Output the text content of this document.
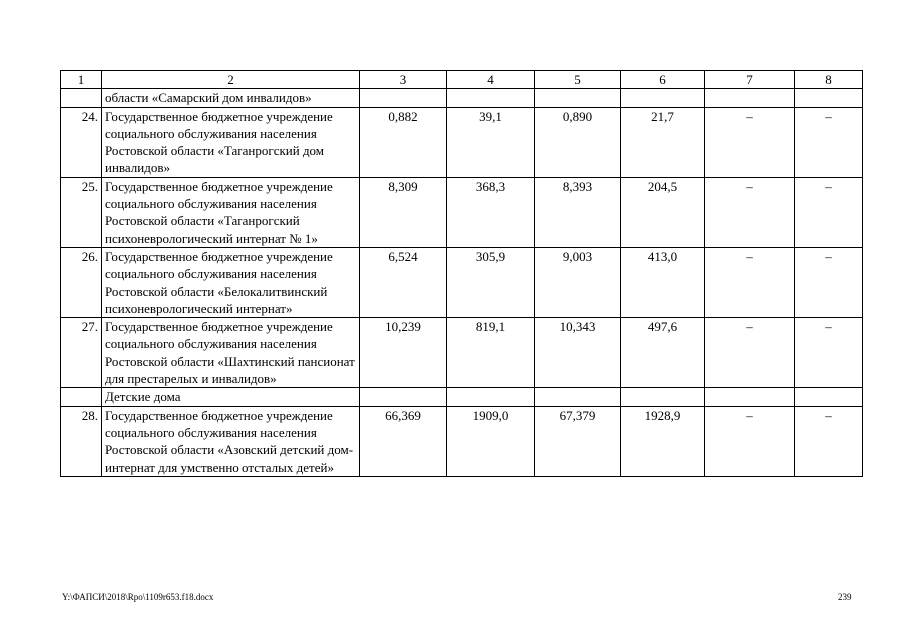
1	2	3	4	5	6	7	8
	области «Самарский дом инвалидов»						
24.	Государственное бюджетное учреждение социального обслуживания населения Ростовской области «Таганрогский дом инвалидов»	0,882	39,1	0,890	21,7	–	–
25.	Государственное бюджетное учреждение социального обслуживания населения Ростовской области «Таганрогский психоневрологический интернат № 1»	8,309	368,3	8,393	204,5	–	–
26.	Государственное бюджетное учреждение социального обслуживания населения Ростовской области «Белокалитвинский психоневрологический интернат»	6,524	305,9	9,003	413,0	–	–
27.	Государственное бюджетное учреждение социального обслуживания населения Ростовской области «Шахтинский пансионат для престарелых и инвалидов»	10,239	819,1	10,343	497,6	–	–
	Детские дома						
28.	Государственное бюджетное учреждение социального обслуживания населения Ростовской области «Азовский детский дом-интернат для умственно отсталых детей»	66,369	1909,0	67,379	1928,9	–	–
Y:\ФАПСИ\2018\Rpo\1109r653.f18.docx	239
